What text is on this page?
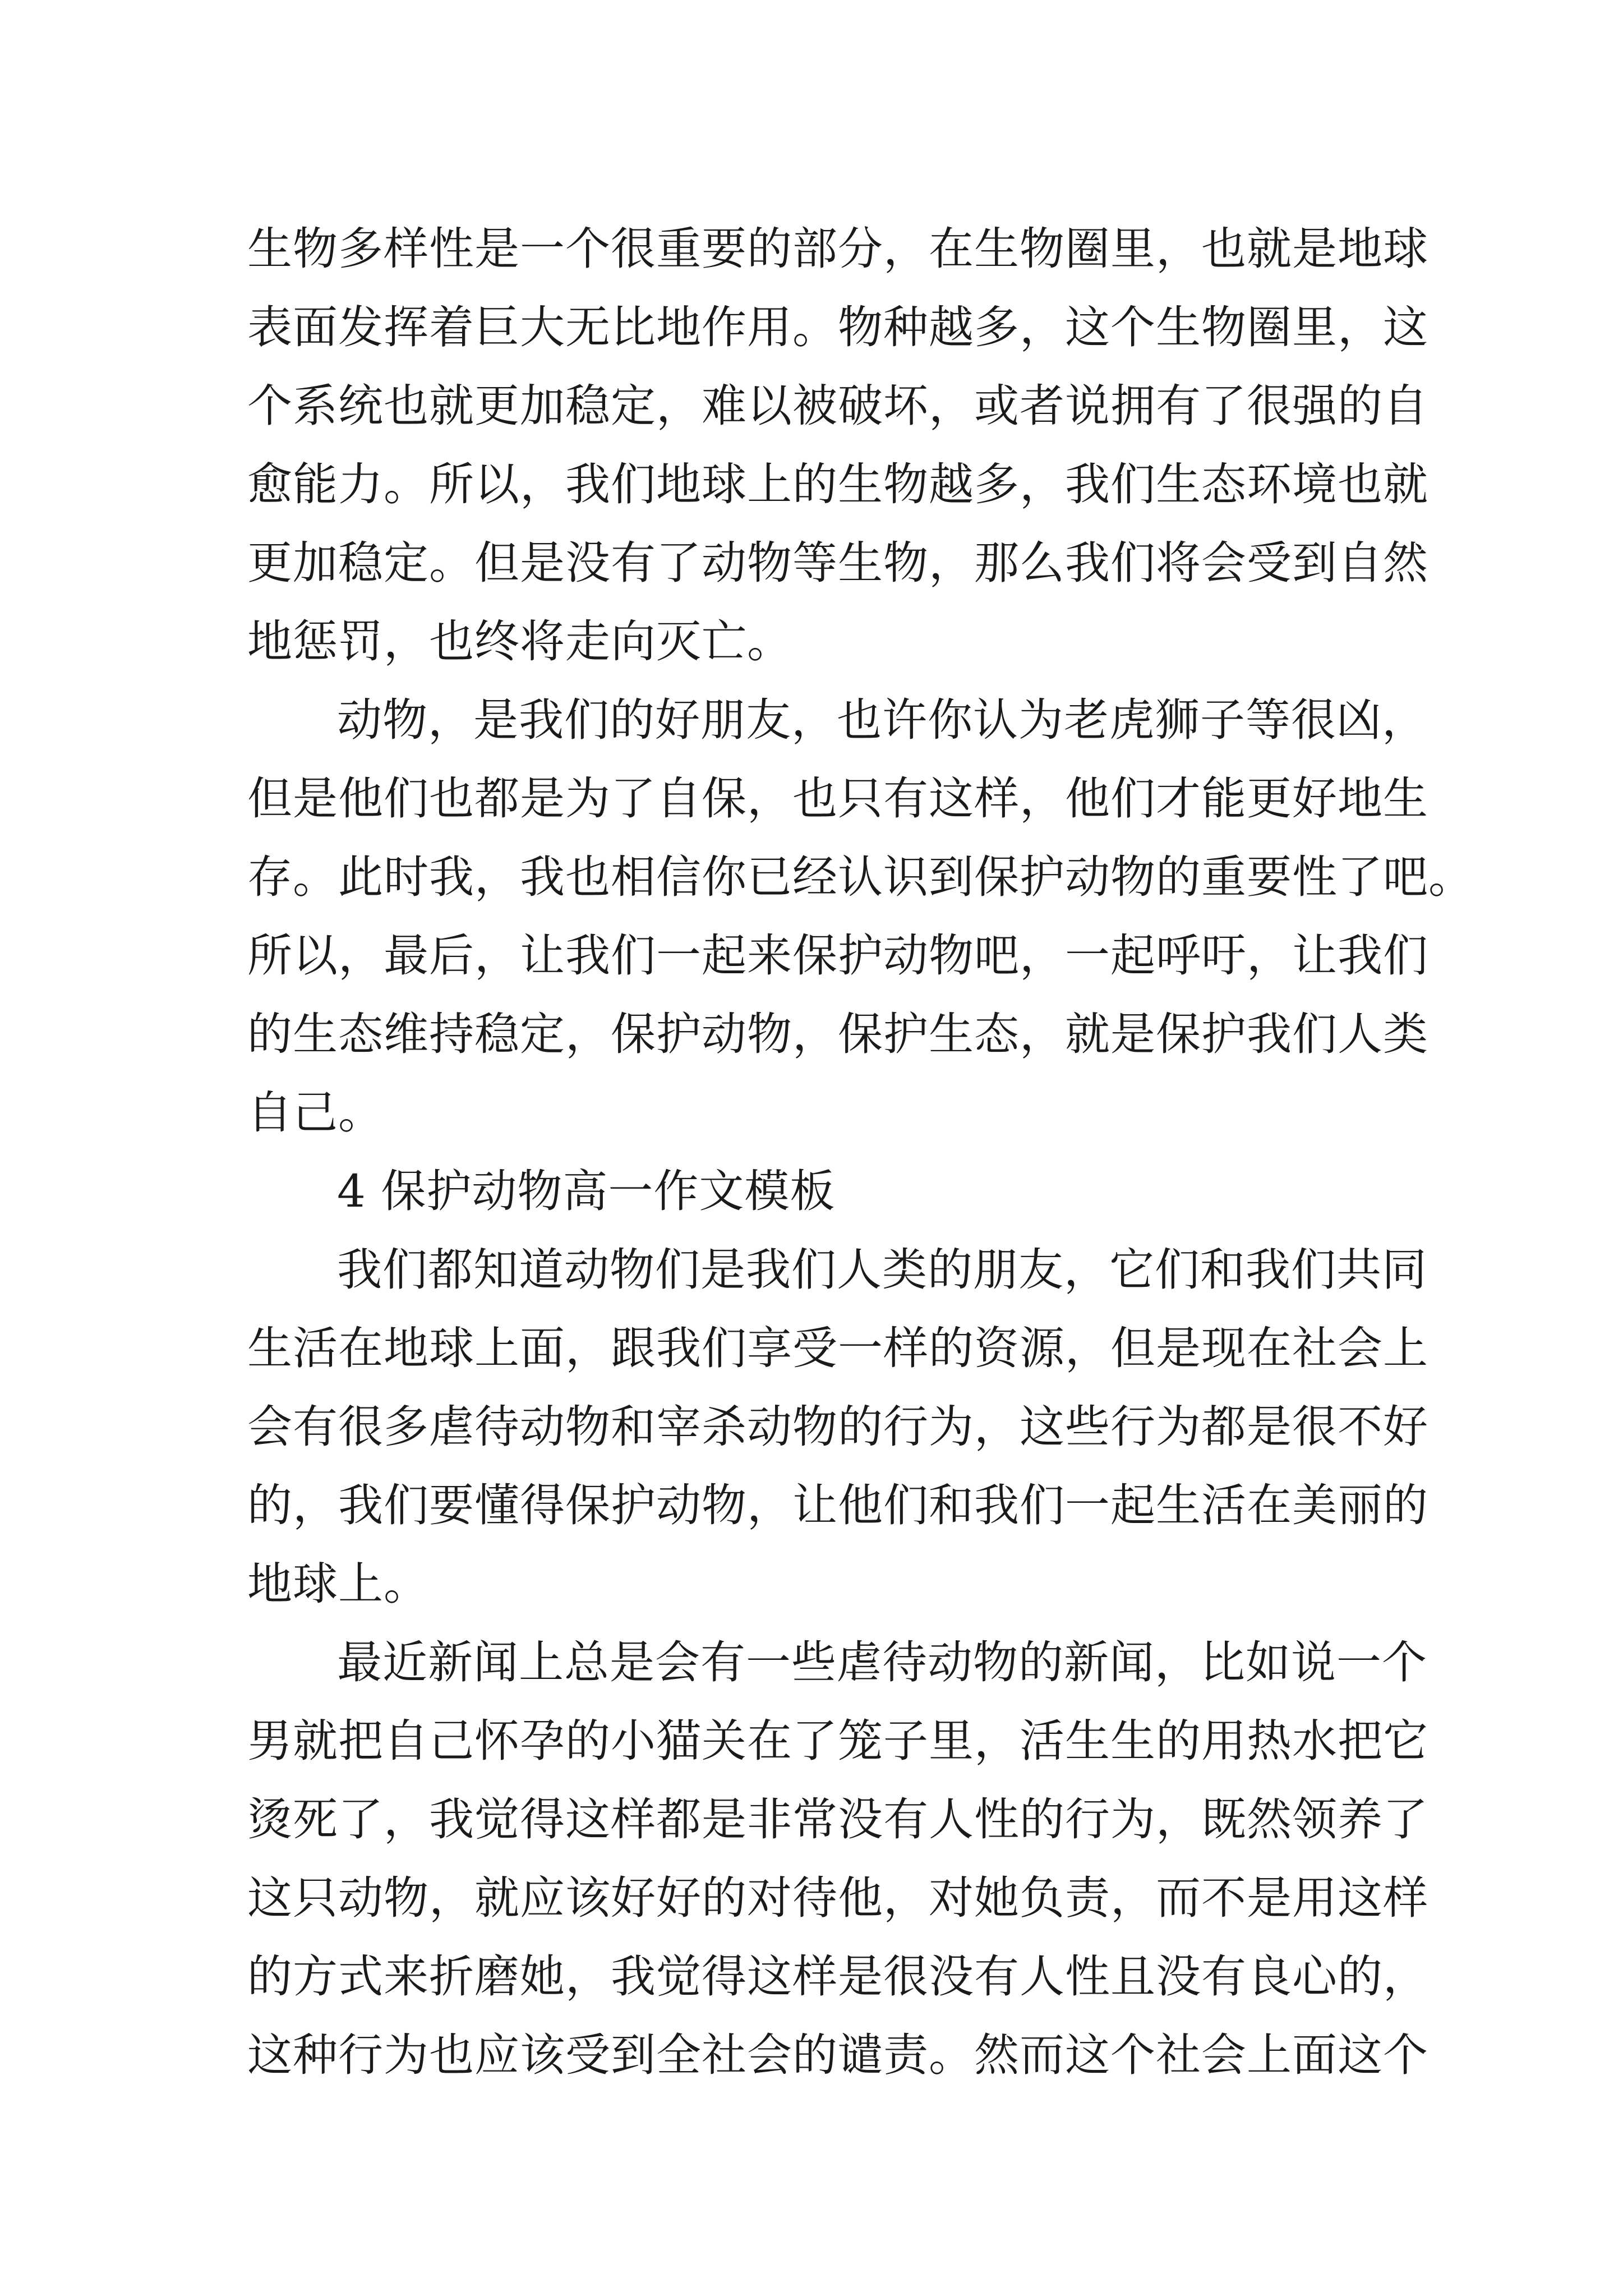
生物多样性是一个很重要的部分，在生物圈里，也就是地球
表面发挥着巨大无比地作用。物种越多，这个生物圈里，这
个系统也就更加稳定，难以被破坏，或者说拥有了很强的自
愈能力。所以，我们地球上的生物越多，我们生态环境也就
更加稳定。但是没有了动物等生物，那么我们将会受到自然
地惩罚，也终将走向灭亡。
动物，是我们的好朋友，也许你认为老虎狮子等很凶，
但是他们也都是为了自保，也只有这样，他们才能更好地生
存。此时我，我也相信你已经认识到保护动物的重要性了吧。
所以，最后，让我们一起来保护动物吧，一起呼吁，让我们
的生态维持稳定，保护动物，保护生态，就是保护我们人类
自己。
4 保护动物高一作文模板
我们都知道动物们是我们人类的朋友，它们和我们共同
生活在地球上面，跟我们享受一样的资源，但是现在社会上
会有很多虐待动物和宰杀动物的行为，这些行为都是很不好
的，我们要懂得保护动物，让他们和我们一起生活在美丽的
地球上。
最近新闻上总是会有一些虐待动物的新闻，比如说一个
男就把自己怀孕的小猫关在了笼子里，活生生的用热水把它
烫死了，我觉得这样都是非常没有人性的行为，既然领养了
这只动物，就应该好好的对待他，对她负责，而不是用这样
的方式来折磨她，我觉得这样是很没有人性且没有良心的，
这种行为也应该受到全社会的谴责。然而这个社会上面这个
